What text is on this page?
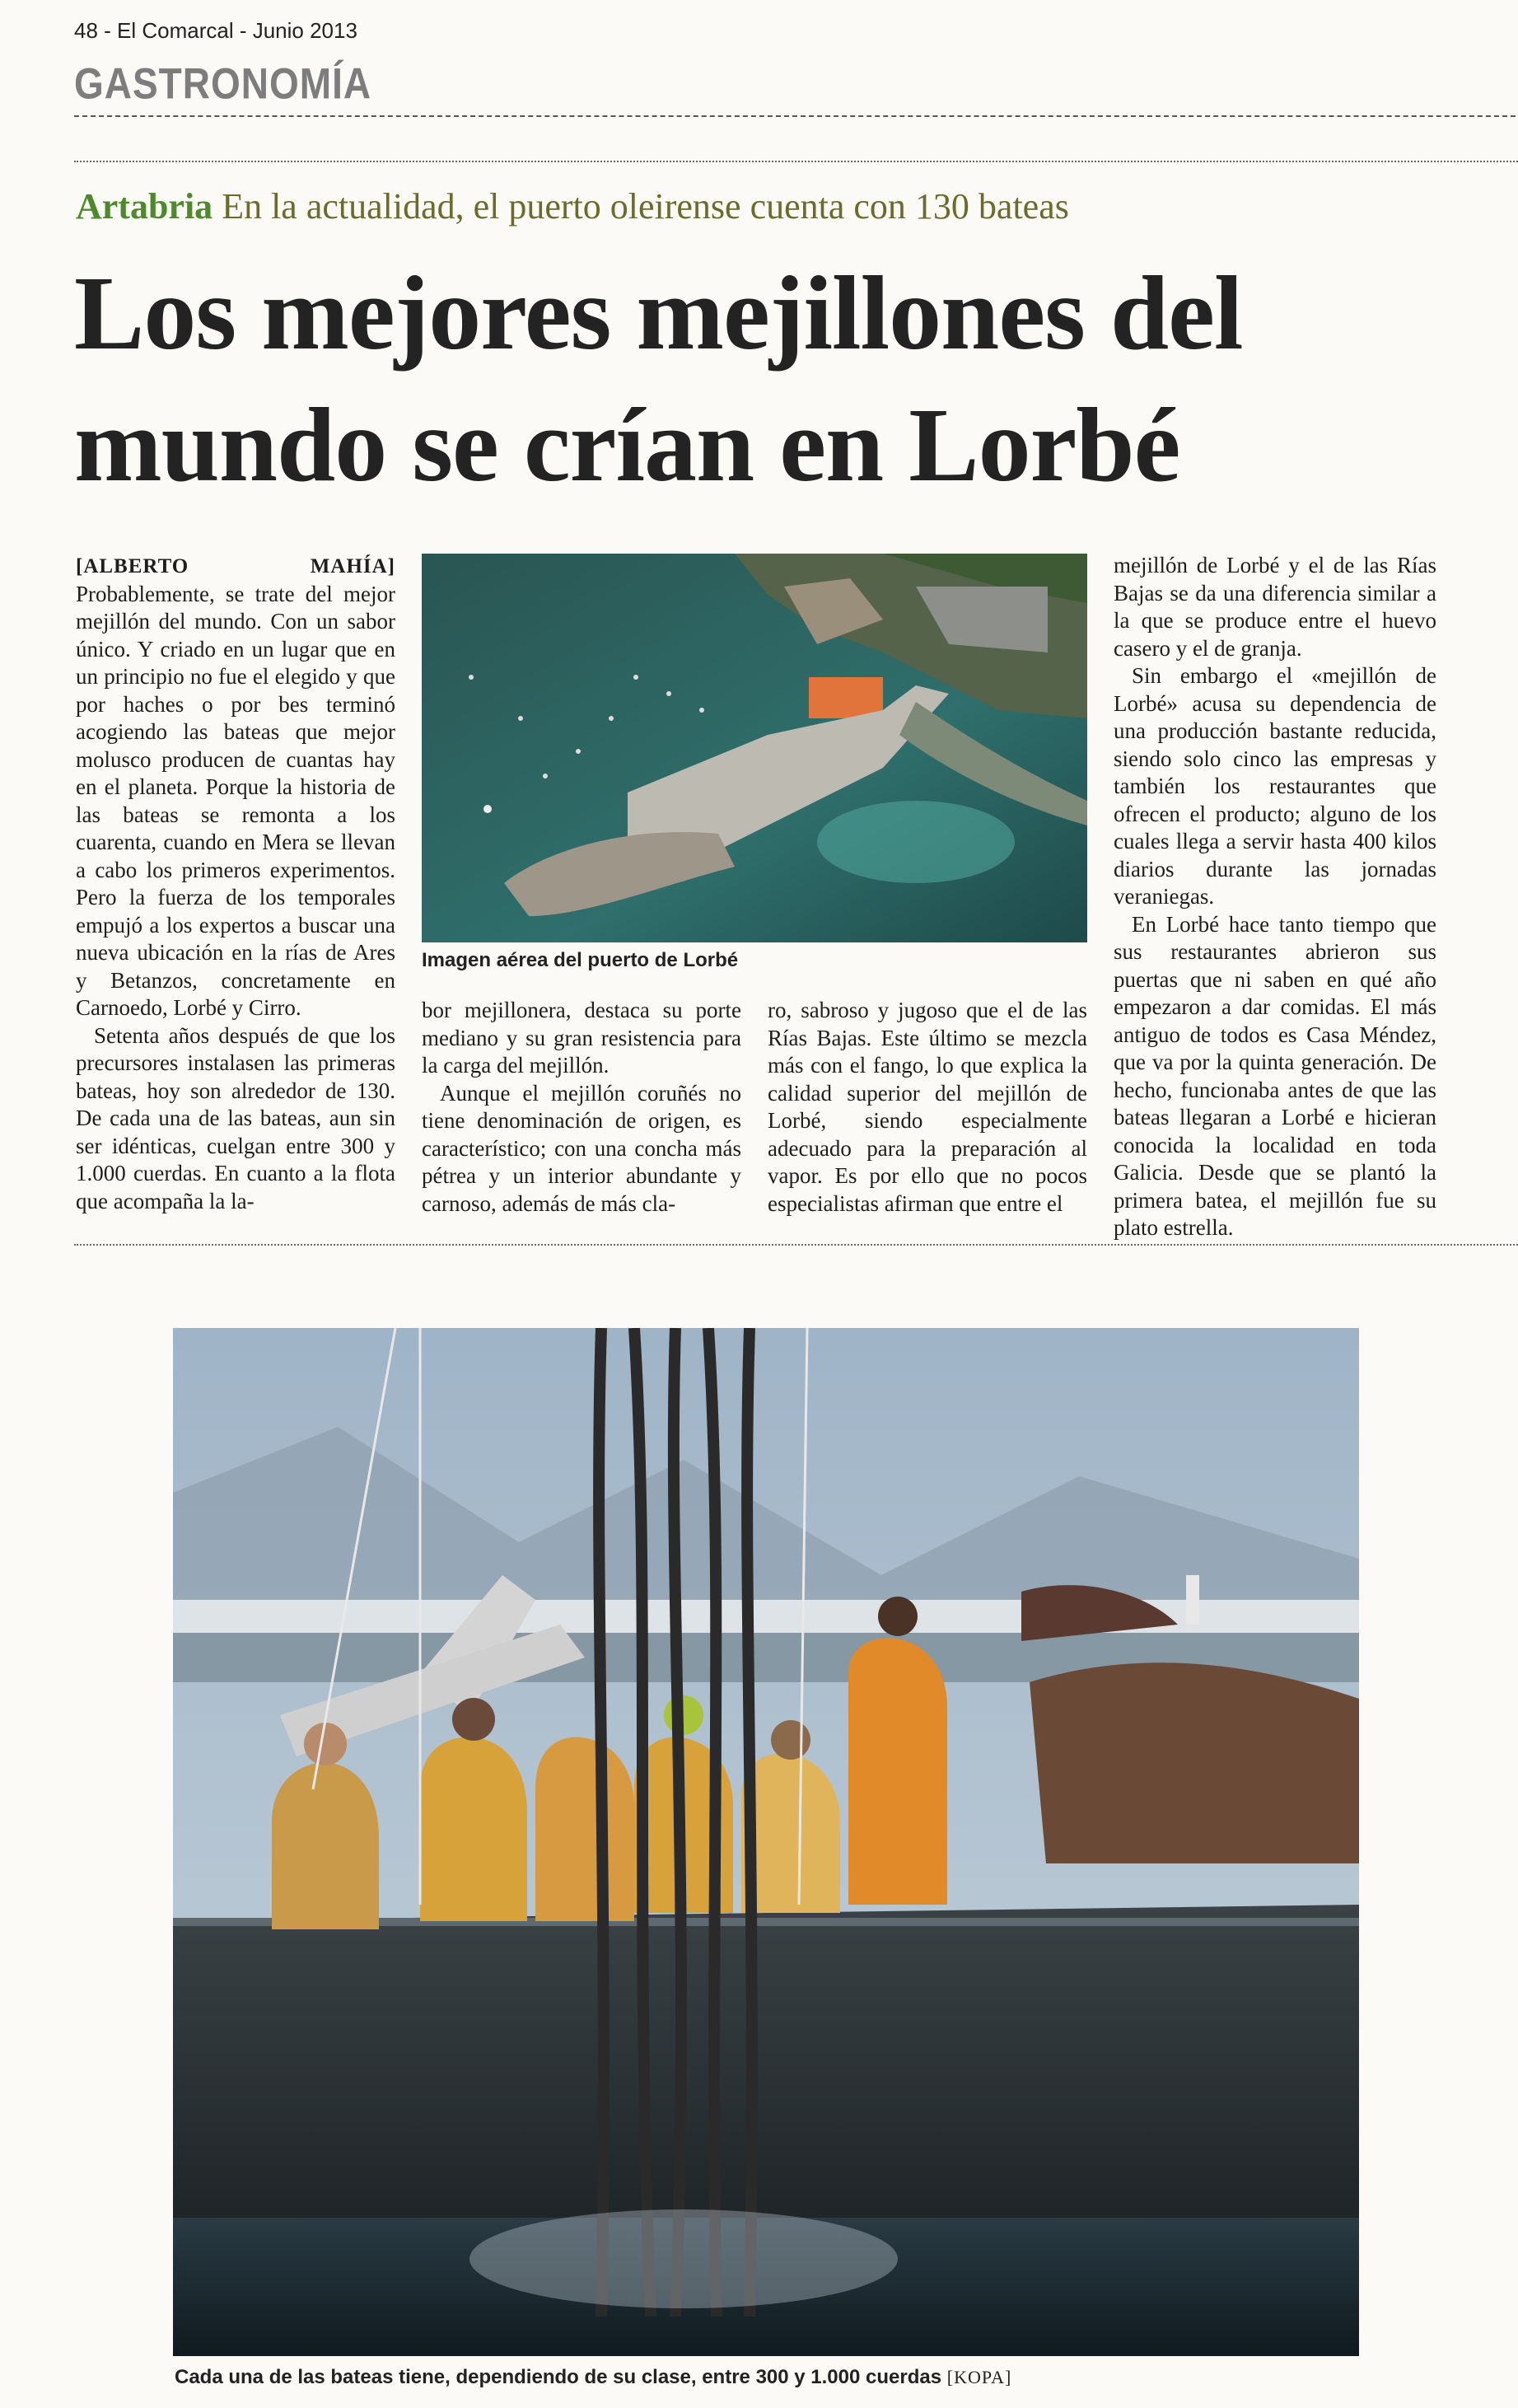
48 - El Comarcal - Junio 2013
GASTRONOMÍA
Artabria En la actualidad, el puerto oleirense cuenta con 130 bateas
Los mejores mejillones del
mundo se crían en Lorbé

[ALBERTO MAHÍA] Probablemente, se trate del mejor mejillón del mundo. Con un sabor único. Y criado en un lugar que en un principio no fue el elegido y que por haches o por bes terminó acogiendo las bateas que mejor molusco producen de cuantas hay en el planeta. Porque la historia de las bateas se remonta a los cuarenta, cuando en Mera se llevan a cabo los primeros experimentos. Pero la fuerza de los temporales empujó a los expertos a buscar una nueva ubicación en la rías de Ares y Betanzos, concretamente en Carnoedo, Lorbé y Cirro.

Setenta años después de que los precursores instalasen las primeras bateas, hoy son alrededor de 130. De cada una de las bateas, aun sin ser idénticas, cuelgan entre 300 y 1.000 cuerdas. En cuanto a la flota que acompaña la la-

Imagen aérea del puerto de Lorbé

bor mejillonera, destaca su porte mediano y su gran resistencia para la carga del mejillón.

Aunque el mejillón coruñés no tiene denominación de origen, es característico; con una concha más pétrea y un interior abundante y carnoso, además de más cla-

ro, sabroso y jugoso que el de las Rías Bajas. Este último se mezcla más con el fango, lo que explica la calidad superior del mejillón de Lorbé, siendo especialmente adecuado para la preparación al vapor. Es por ello que no pocos especialistas afirman que entre el

mejillón de Lorbé y el de las Rías Bajas se da una diferencia similar a la que se produce entre el huevo casero y el de granja.

Sin embargo el «mejillón de Lorbé» acusa su dependencia de una producción bastante reducida, siendo solo cinco las empresas y también los restaurantes que ofrecen el producto; alguno de los cuales llega a servir hasta 400 kilos diarios durante las jornadas veraniegas.

En Lorbé hace tanto tiempo que sus restaurantes abrieron sus puertas que ni saben en qué año empezaron a dar comidas. El más antiguo de todos es Casa Méndez, que va por la quinta generación. De hecho, funcionaba antes de que las bateas llegaran a Lorbé e hicieran conocida la localidad en toda Galicia. Desde que se plantó la primera batea, el mejillón fue su plato estrella.

Cada una de las bateas tiene, dependiendo de su clase, entre 300 y 1.000 cuerdas [KOPA]
